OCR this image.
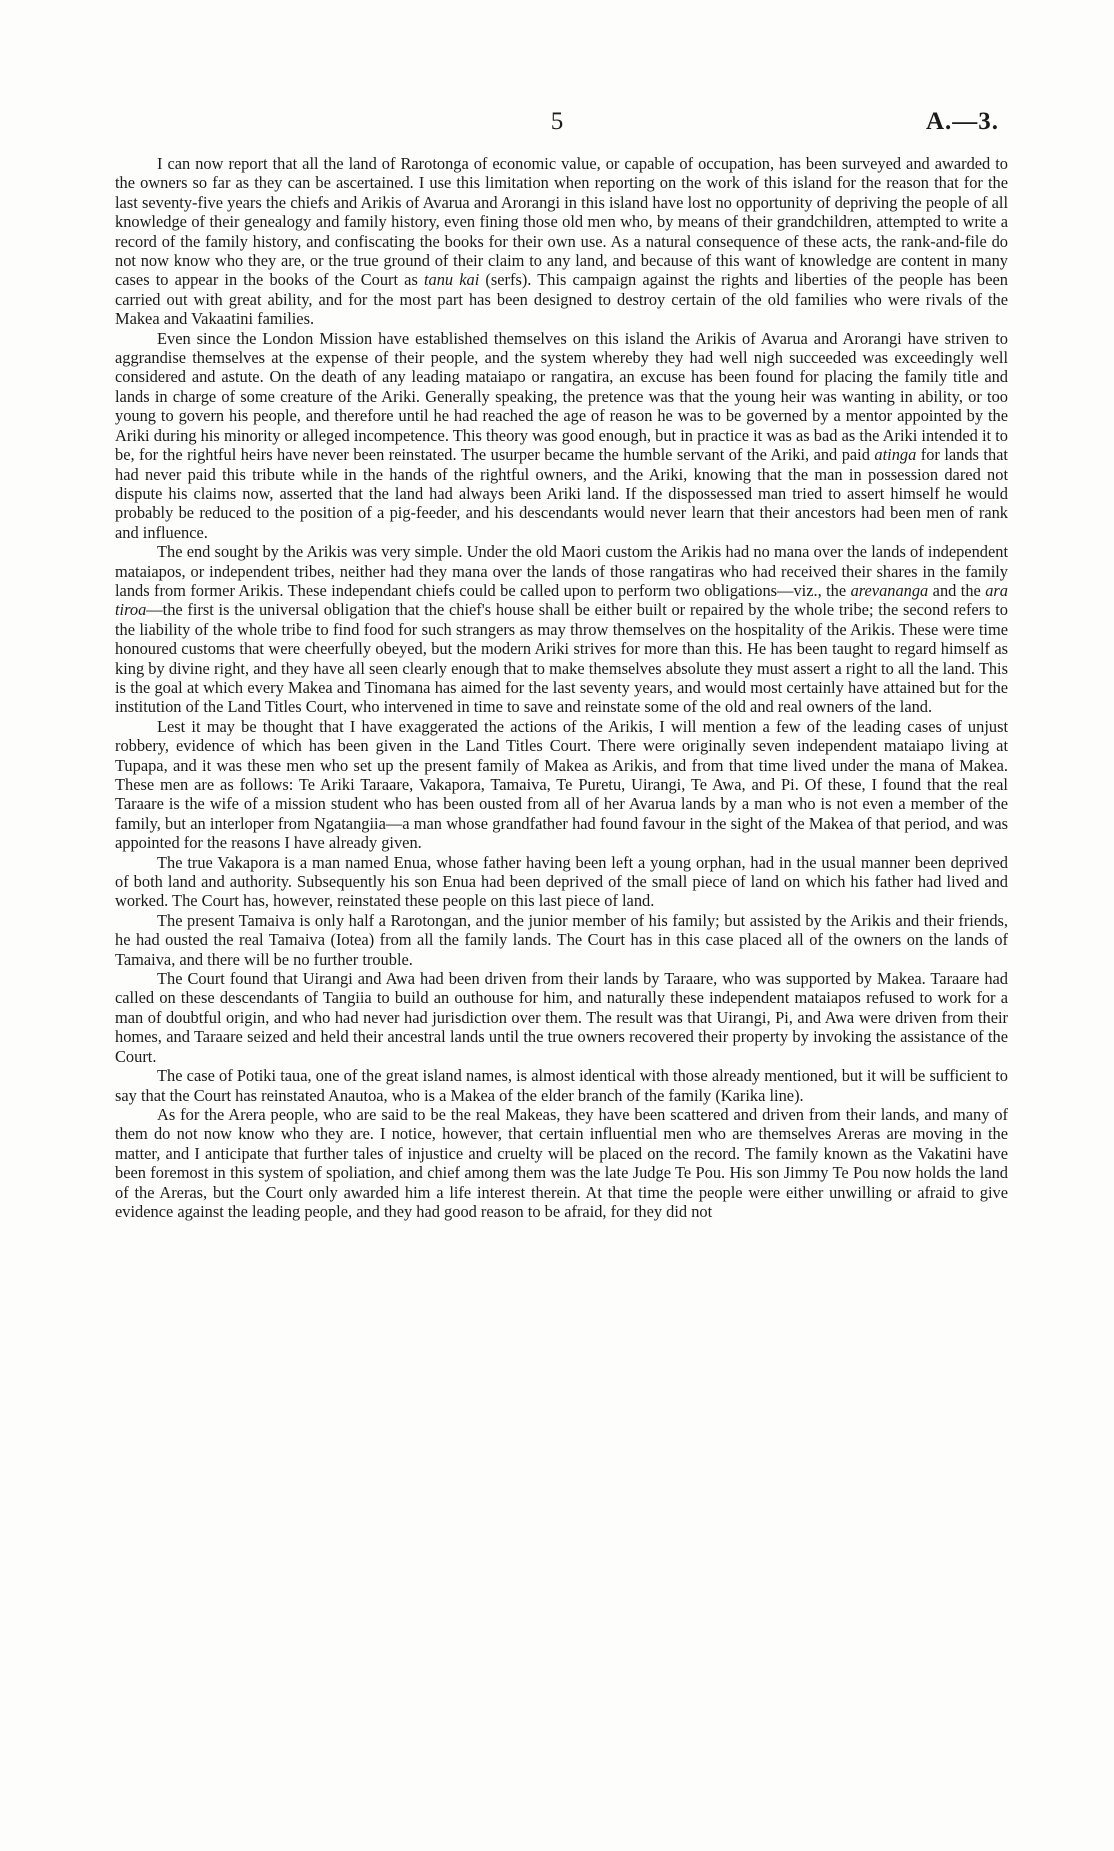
5	A.—3.

I can now report that all the land of Rarotonga of economic value, or capable of occupation, has been surveyed and awarded to the owners so far as they can be ascertained. I use this limitation when reporting on the work of this island for the reason that for the last seventy-five years the chiefs and Arikis of Avarua and Arorangi in this island have lost no opportunity of depriving the people of all knowledge of their genealogy and family history, even fining those old men who, by means of their grandchildren, attempted to write a record of the family history, and confiscating the books for their own use. As a natural consequence of these acts, the rank-and-file do not now know who they are, or the true ground of their claim to any land, and because of this want of knowledge are content in many cases to appear in the books of the Court as tanu kai (serfs). This campaign against the rights and liberties of the people has been carried out with great ability, and for the most part has been designed to destroy certain of the old families who were rivals of the Makea and Vakaatini families.

Even since the London Mission have established themselves on this island the Arikis of Avarua and Arorangi have striven to aggrandise themselves at the expense of their people, and the system whereby they had well nigh succeeded was exceedingly well considered and astute. On the death of any leading mataiapo or rangatira, an excuse has been found for placing the family title and lands in charge of some creature of the Ariki. Generally speaking, the pretence was that the young heir was wanting in ability, or too young to govern his people, and therefore until he had reached the age of reason he was to be governed by a mentor appointed by the Ariki during his minority or alleged incompetence. This theory was good enough, but in practice it was as bad as the Ariki intended it to be, for the rightful heirs have never been reinstated. The usurper became the humble servant of the Ariki, and paid atinga for lands that had never paid this tribute while in the hands of the rightful owners, and the Ariki, knowing that the man in possession dared not dispute his claims now, asserted that the land had always been Ariki land. If the dispossessed man tried to assert himself he would probably be reduced to the position of a pig-feeder, and his descendants would never learn that their ancestors had been men of rank and influence.

The end sought by the Arikis was very simple. Under the old Maori custom the Arikis had no mana over the lands of independent mataiapos, or independent tribes, neither had they mana over the lands of those rangatiras who had received their shares in the family lands from former Arikis. These independant chiefs could be called upon to perform two obligations—viz., the arevananga and the ara tiroa—the first is the universal obligation that the chief's house shall be either built or repaired by the whole tribe; the second refers to the liability of the whole tribe to find food for such strangers as may throw themselves on the hospitality of the Arikis. These were time honoured customs that were cheerfully obeyed, but the modern Ariki strives for more than this. He has been taught to regard himself as king by divine right, and they have all seen clearly enough that to make themselves absolute they must assert a right to all the land. This is the goal at which every Makea and Tinomana has aimed for the last seventy years, and would most certainly have attained but for the institution of the Land Titles Court, who intervened in time to save and reinstate some of the old and real owners of the land.

Lest it may be thought that I have exaggerated the actions of the Arikis, I will mention a few of the leading cases of unjust robbery, evidence of which has been given in the Land Titles Court. There were originally seven independent mataiapo living at Tupapa, and it was these men who set up the present family of Makea as Arikis, and from that time lived under the mana of Makea. These men are as follows: Te Ariki Taraare, Vakapora, Tamaiva, Te Puretu, Uirangi, Te Awa, and Pi. Of these, I found that the real Taraare is the wife of a mission student who has been ousted from all of her Avarua lands by a man who is not even a member of the family, but an interloper from Ngatangiia—a man whose grandfather had found favour in the sight of the Makea of that period, and was appointed for the reasons I have already given.

The true Vakapora is a man named Enua, whose father having been left a young orphan, had in the usual manner been deprived of both land and authority. Subsequently his son Enua had been deprived of the small piece of land on which his father had lived and worked. The Court has, however, reinstated these people on this last piece of land.

The present Tamaiva is only half a Rarotongan, and the junior member of his family; but assisted by the Arikis and their friends, he had ousted the real Tamaiva (Iotea) from all the family lands. The Court has in this case placed all of the owners on the lands of Tamaiva, and there will be no further trouble.

The Court found that Uirangi and Awa had been driven from their lands by Taraare, who was supported by Makea. Taraare had called on these descendants of Tangiia to build an outhouse for him, and naturally these independent mataiapos refused to work for a man of doubtful origin, and who had never had jurisdiction over them. The result was that Uirangi, Pi, and Awa were driven from their homes, and Taraare seized and held their ancestral lands until the true owners recovered their property by invoking the assistance of the Court.

The case of Potiki taua, one of the great island names, is almost identical with those already mentioned, but it will be sufficient to say that the Court has reinstated Anautoa, who is a Makea of the elder branch of the family (Karika line).

As for the Arera people, who are said to be the real Makeas, they have been scattered and driven from their lands, and many of them do not now know who they are. I notice, however, that certain influential men who are themselves Areras are moving in the matter, and I anticipate that further tales of injustice and cruelty will be placed on the record. The family known as the Vakatini have been foremost in this system of spoliation, and chief among them was the late Judge Te Pou. His son Jimmy Te Pou now holds the land of the Areras, but the Court only awarded him a life interest therein. At that time the people were either unwilling or afraid to give evidence against the leading people, and they had good reason to be afraid, for they did not
